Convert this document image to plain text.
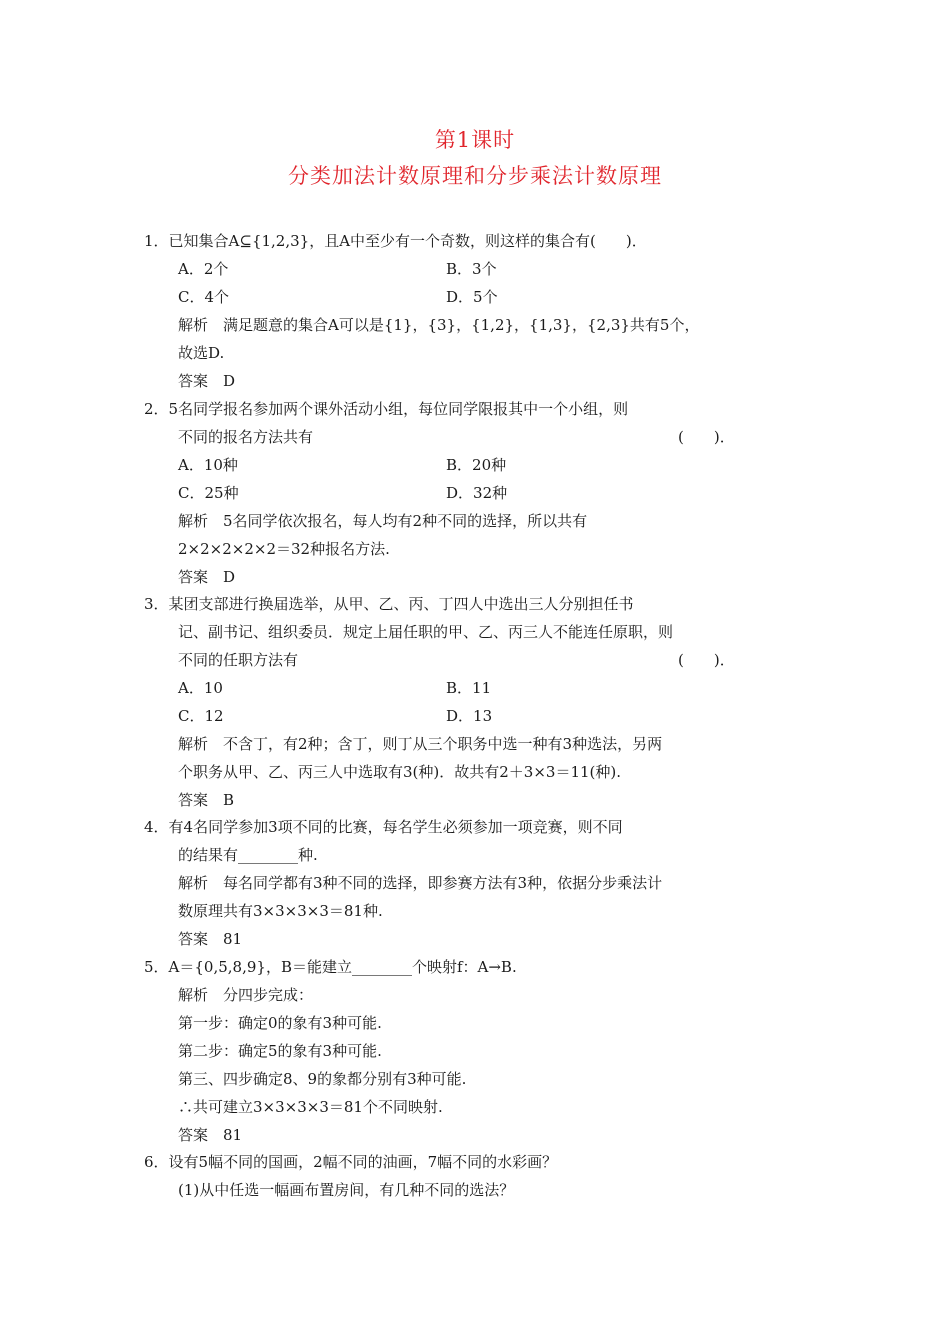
第1课时
分类加法计数原理和分步乘法计数原理

1．已知集合A⊆{1,2,3}，且A中至少有一个奇数，则这样的集合有(　　)．

A．2个	B．3个

C．4个	D．5个

解析　满足题意的集合A可以是{1}，{3}，{1,2}，{1,3}，{2,3}共有5个，

故选D.

答案　D

2．5名同学报名参加两个课外活动小组，每位同学限报其中一个小组，则

不同的报名方法共有	(　　)．

A．10种	B．20种

C．25种	D．32种

解析　5名同学依次报名，每人均有2种不同的选择，所以共有

2×2×2×2×2＝32种报名方法.

答案　D

3．某团支部进行换届选举，从甲、乙、丙、丁四人中选出三人分别担任书

记、副书记、组织委员．规定上届任职的甲、乙、丙三人不能连任原职，则

不同的任职方法有	(　　)．

A．10	B．11

C．12	D．13

解析　不含丁，有2种；含丁，则丁从三个职务中选一种有3种选法，另两

个职务从甲、乙、丙三人中选取有3(种)．故共有2＋3×3＝11(种).

答案　B

4．有4名同学参加3项不同的比赛，每名学生必须参加一项竞赛，则不同

的结果有________种.

解析　每名同学都有3种不同的选择，即参赛方法有3种，依据分步乘法计

数原理共有3×3×3×3＝81种.

答案　81

5．A＝{0,5,8,9}，B＝能建立________个映射f：A→B.

解析　分四步完成：

第一步：确定0的象有3种可能.

第二步：确定5的象有3种可能.

第三、四步确定8、9的象都分别有3种可能.

∴共可建立3×3×3×3＝81个不同映射.

答案　81

6．设有5幅不同的国画，2幅不同的油画，7幅不同的水彩画？

(1)从中任选一幅画布置房间，有几种不同的选法？
